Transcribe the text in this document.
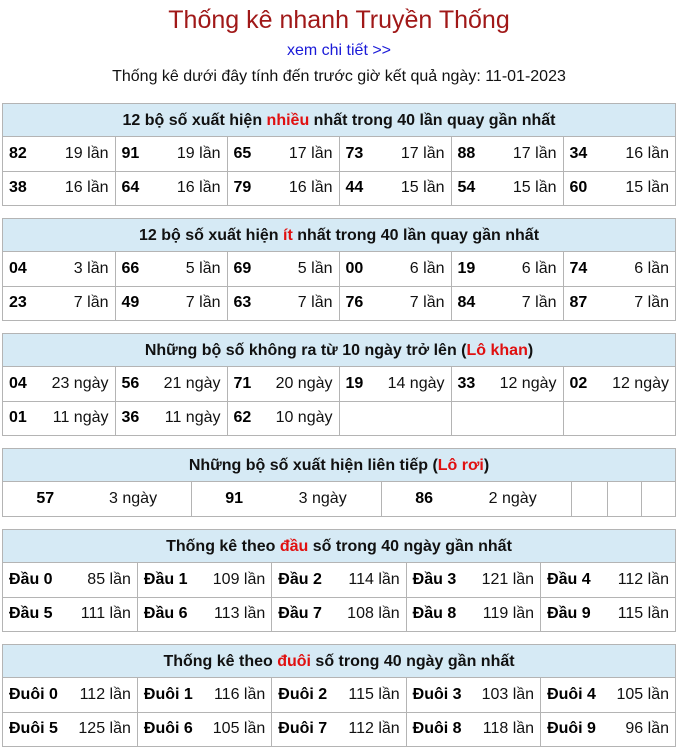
Thống kê nhanh Truyền Thống
xem chi tiết >>
Thống kê dưới đây tính đến trước giờ kết quả ngày: 11-01-2023
12 bộ số xuất hiện nhiều nhất trong 40 lần quay gần nhất
82 19 lần	91 19 lần	65 17 lần	73 17 lần	88 17 lần	34 16 lần

38 16 lần	64 16 lần	79 16 lần	44 15 lần	54 15 lần	60 15 lần
12 bộ số xuất hiện ít nhất trong 40 lần quay gần nhất
04 3 lần	66 5 lần	69 5 lần	00 6 lần	19 6 lần	74 6 lần

23 7 lần	49 7 lần	63 7 lần	76 7 lần	84 7 lần	87 7 lần
Những bộ số không ra từ 10 ngày trở lên (Lô khan)
04 23 ngày	56 21 ngày	71 20 ngày	19 14 ngày	33 12 ngày	02 12 ngày

01 11 ngày	36 11 ngày	62 10 ngày			

Những bộ số xuất hiện liên tiếp (Lô rơi)
57	3 ngày	91	3 ngày	86	2 ngày

Thống kê theo đầu số trong 40 ngày gần nhất
Đầu 0 85 lần	Đầu 1 109 lần	Đầu 2 114 lần	Đầu 3 121 lần	Đầu 4 112 lần

Đầu 5 111 lần	Đầu 6 113 lần	Đầu 7 108 lần	Đầu 8 119 lần	Đầu 9 115 lần
Thống kê theo đuôi số trong 40 ngày gần nhất
Đuôi 0 112 lần	Đuôi 1 116 lần	Đuôi 2 115 lần	Đuôi 3 103 lần	Đuôi 4 105 lần

Đuôi 5 125 lần	Đuôi 6 105 lần	Đuôi 7 112 lần	Đuôi 8 118 lần	Đuôi 9 96 lần
